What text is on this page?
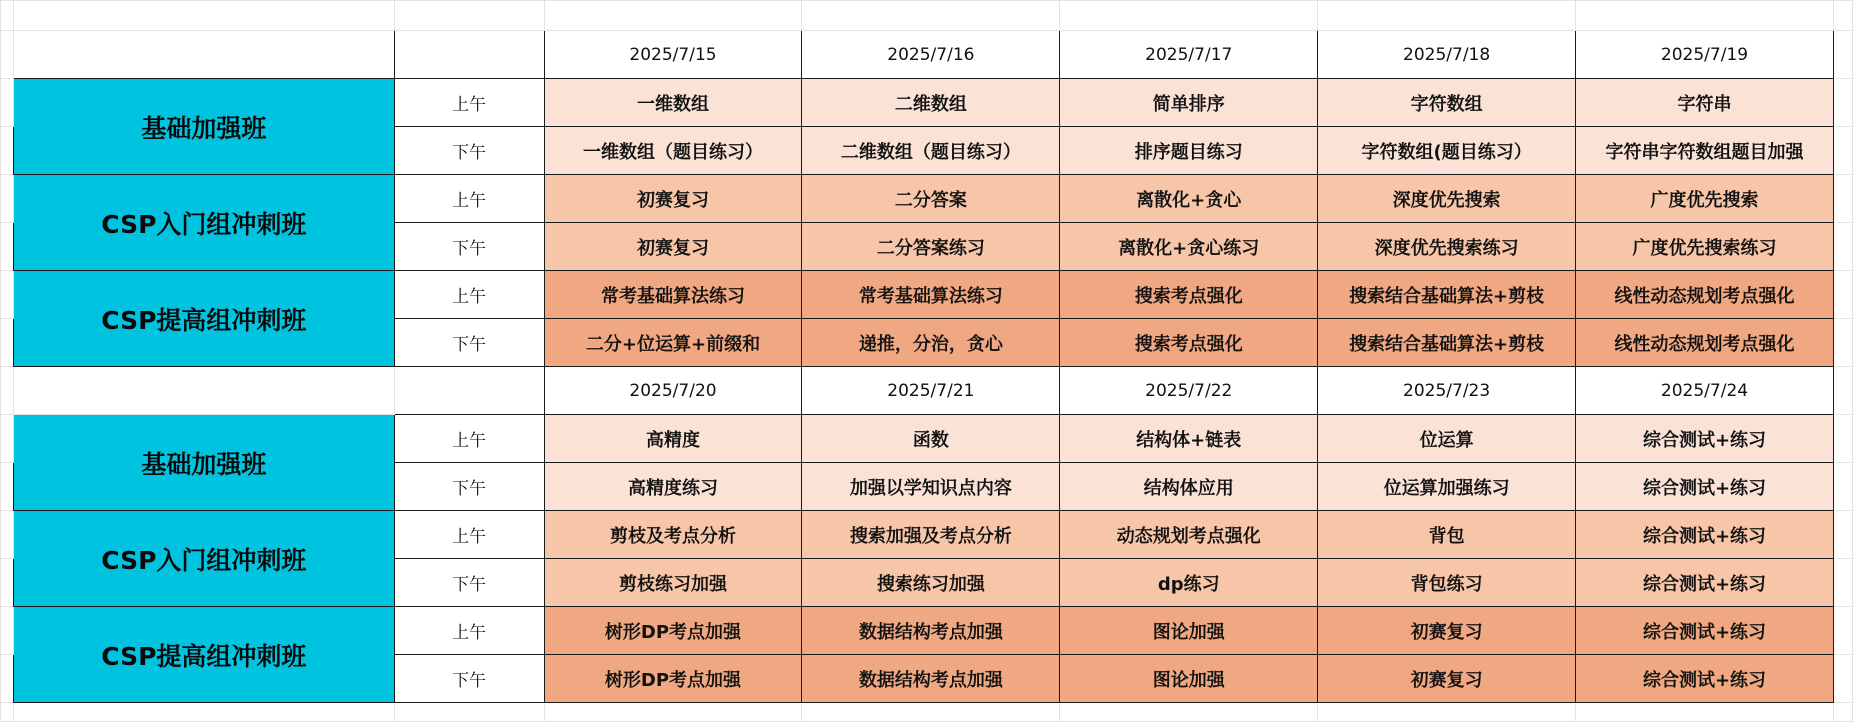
			2025/7/15	2025/7/16	2025/7/17	2025/7/18	2025/7/19	
	基础加强班	上午	一维数组	二维数组	简单排序	字符数组	字符串	
		下午	一维数组（题目练习）	二维数组（题目练习）	排序题目练习	字符数组(题目练习）	字符串字符数组题目加强	
	CSP入门组冲刺班	上午	初赛复习	二分答案	离散化+贪心	深度优先搜索	广度优先搜索	
		下午	初赛复习	二分答案练习	离散化+贪心练习	深度优先搜索练习	广度优先搜索练习	
	CSP提高组冲刺班	上午	常考基础算法练习	常考基础算法练习	搜索考点强化	搜索结合基础算法+剪枝	线性动态规划考点强化	
		下午	二分+位运算+前缀和	递推，分治，贪心	搜索考点强化	搜索结合基础算法+剪枝	线性动态规划考点强化	
			2025/7/20	2025/7/21	2025/7/22	2025/7/23	2025/7/24	
	基础加强班	上午	高精度	函数	结构体+链表	位运算	综合测试+练习	
		下午	高精度练习	加强以学知识点内容	结构体应用	位运算加强练习	综合测试+练习	
	CSP入门组冲刺班	上午	剪枝及考点分析	搜索加强及考点分析	动态规划考点强化	背包	综合测试+练习	
		下午	剪枝练习加强	搜索练习加强	dp练习	背包练习	综合测试+练习	
	CSP提高组冲刺班	上午	树形DP考点加强	数据结构考点加强	图论加强	初赛复习	综合测试+练习	
		下午	树形DP考点加强	数据结构考点加强	图论加强	初赛复习	综合测试+练习	
